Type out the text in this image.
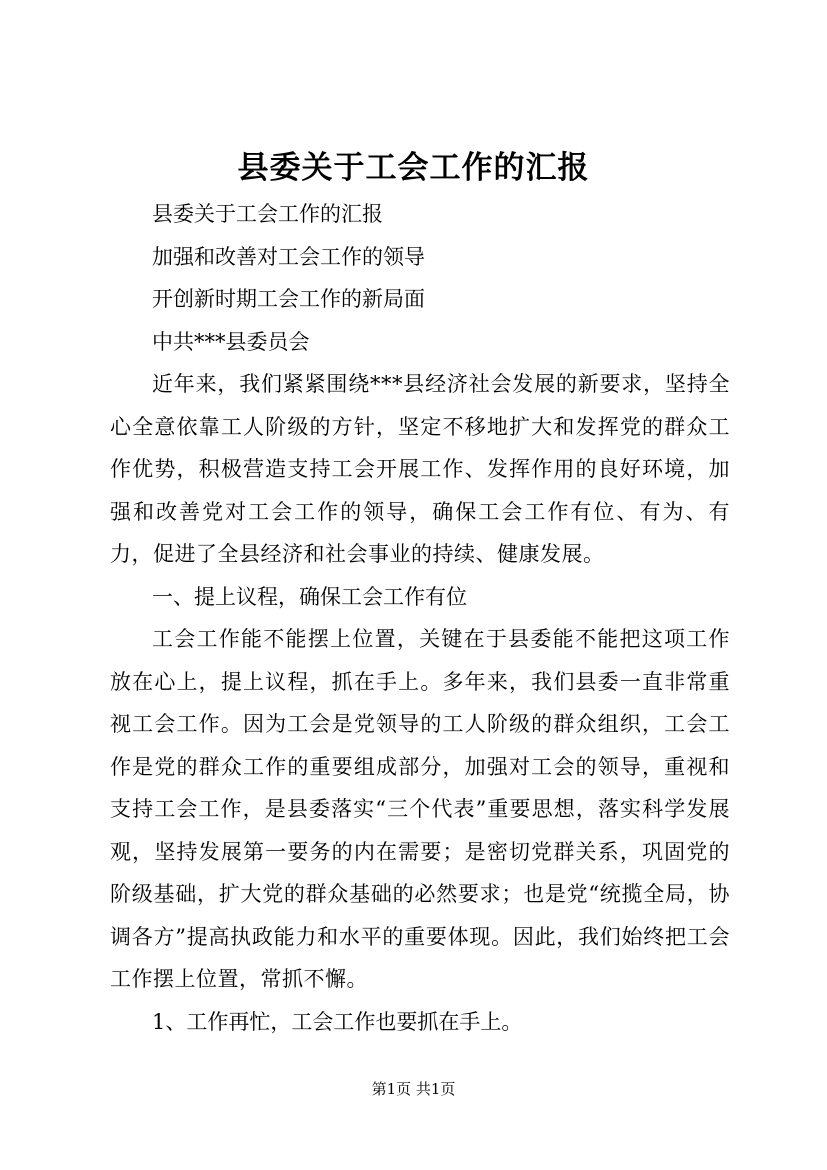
县委关于工会工作的汇报

县委关于工会工作的汇报

加强和改善对工会工作的领导

开创新时期工会工作的新局面

中共***县委员会

近年来，我们紧紧围绕***县经济社会发展的新要求，坚持全心全意依靠工人阶级的方针，坚定不移地扩大和发挥党的群众工作优势，积极营造支持工会开展工作、发挥作用的良好环境，加强和改善党对工会工作的领导，确保工会工作有位、有为、有力，促进了全县经济和社会事业的持续、健康发展。

一、提上议程，确保工会工作有位

工会工作能不能摆上位置，关键在于县委能不能把这项工作放在心上，提上议程，抓在手上。多年来，我们县委一直非常重视工会工作。因为工会是党领导的工人阶级的群众组织，工会工作是党的群众工作的重要组成部分，加强对工会的领导，重视和支持工会工作，是县委落实“三个代表”重要思想，落实科学发展观，坚持发展第一要务的内在需要；是密切党群关系，巩固党的阶级基础，扩大党的群众基础的必然要求；也是党“统揽全局，协调各方”提高执政能力和水平的重要体现。因此，我们始终把工会工作摆上位置，常抓不懈。

1、工作再忙，工会工作也要抓在手上。

第1页 共1页
